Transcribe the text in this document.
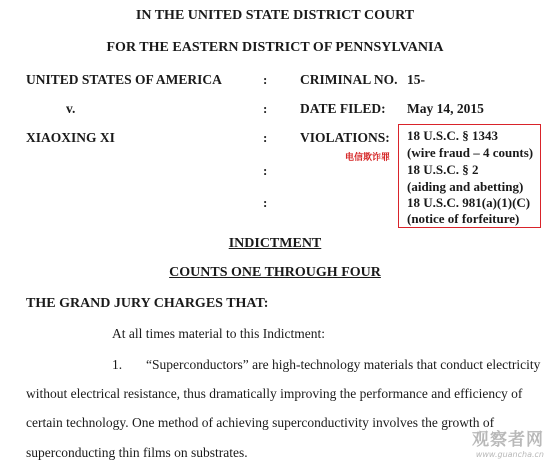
IN THE UNITED STATE DISTRICT COURT
FOR THE EASTERN DISTRICT OF PENNSYLVANIA
UNITED STATES OF AMERICA
v.
XIAOXING XI
:
:
:
:
:
CRIMINAL NO. 15-
DATE FILED: May 14, 2015
VIOLATIONS:
电信欺诈罪
18 U.S.C. § 1343
(wire fraud – 4 counts)
18 U.S.C. § 2
(aiding and abetting)
18 U.S.C. 981(a)(1)(C)
(notice of forfeiture)
INDICTMENT
COUNTS ONE THROUGH FOUR
THE GRAND JURY CHARGES THAT:
At all times material to this Indictment:
1. “Superconductors” are high-technology materials that conduct electricity
without electrical resistance, thus dramatically improving the performance and efficiency of
certain technology. One method of achieving superconductivity involves the growth of
superconducting thin films on substrates.
观察者网
www.guancha.cn
